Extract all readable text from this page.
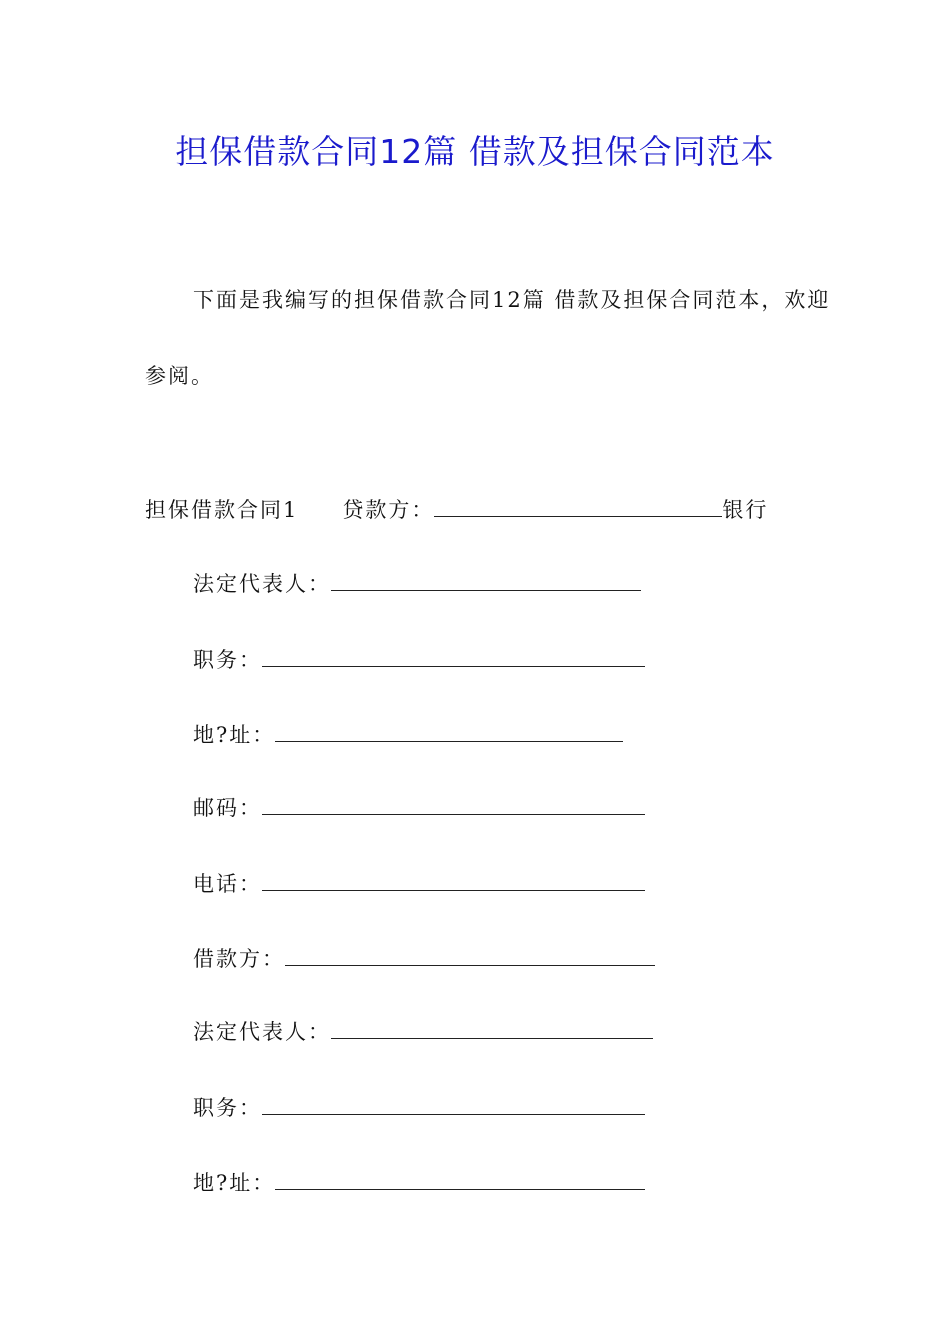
担保借款合同12篇 借款及担保合同范本
下面是我编写的担保借款合同12篇 借款及担保合同范本，欢迎参阅。
担保借款合同1 贷款方：	银行
法定代表人：
职务：
地?址：
邮码：
电话：
借款方：
法定代表人：
职务：
地?址：
